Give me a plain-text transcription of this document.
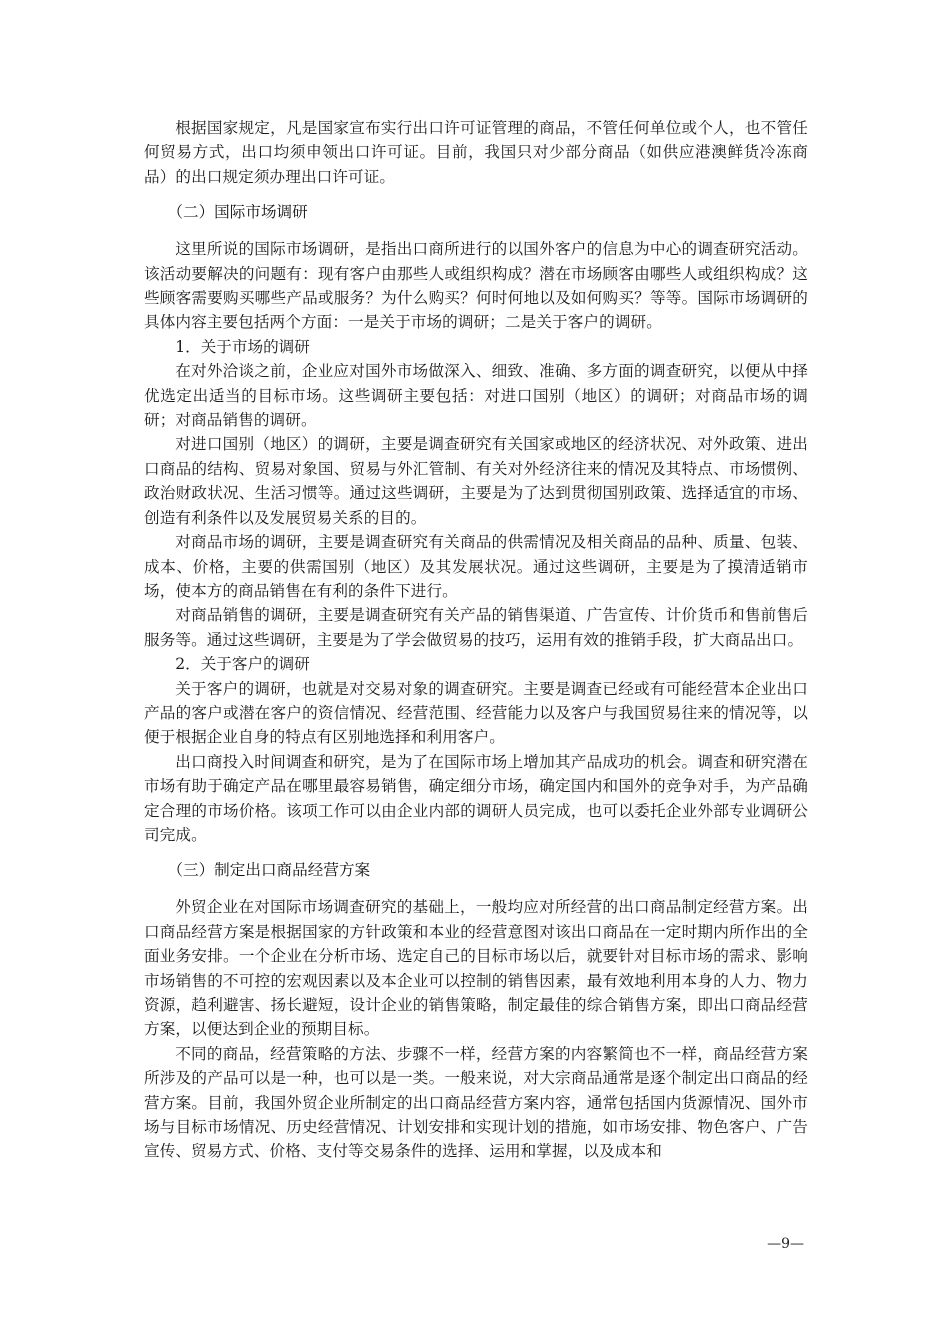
根据国家规定，凡是国家宣布实行出口许可证管理的商品，不管任何单位或个人，也不管任何贸易方式，出口均须申领出口许可证。目前，我国只对少部分商品（如供应港澳鲜货冷冻商品）的出口规定须办理出口许可证。

（二）国际市场调研

这里所说的国际市场调研，是指出口商所进行的以国外客户的信息为中心的调查研究活动。该活动要解决的问题有：现有客户由那些人或组织构成？潜在市场顾客由哪些人或组织构成？这些顾客需要购买哪些产品或服务？为什么购买？何时何地以及如何购买？等等。国际市场调研的具体内容主要包括两个方面：一是关于市场的调研；二是关于客户的调研。

1．关于市场的调研

在对外洽谈之前，企业应对国外市场做深入、细致、准确、多方面的调查研究，以便从中择优选定出适当的目标市场。这些调研主要包括：对进口国别（地区）的调研；对商品市场的调研；对商品销售的调研。

对进口国别（地区）的调研，主要是调查研究有关国家或地区的经济状况、对外政策、进出口商品的结构、贸易对象国、贸易与外汇管制、有关对外经济往来的情况及其特点、市场惯例、政治财政状况、生活习惯等。通过这些调研，主要是为了达到贯彻国别政策、选择适宜的市场、创造有利条件以及发展贸易关系的目的。

对商品市场的调研，主要是调查研究有关商品的供需情况及相关商品的品种、质量、包装、成本、价格，主要的供需国别（地区）及其发展状况。通过这些调研，主要是为了摸清适销市场，使本方的商品销售在有利的条件下进行。

对商品销售的调研，主要是调查研究有关产品的销售渠道、广告宣传、计价货币和售前售后服务等。通过这些调研，主要是为了学会做贸易的技巧，运用有效的推销手段，扩大商品出口。

2．关于客户的调研

关于客户的调研，也就是对交易对象的调查研究。主要是调查已经或有可能经营本企业出口产品的客户或潜在客户的资信情况、经营范围、经营能力以及客户与我国贸易往来的情况等，以便于根据企业自身的特点有区别地选择和利用客户。

出口商投入时间调查和研究，是为了在国际市场上增加其产品成功的机会。调查和研究潜在市场有助于确定产品在哪里最容易销售，确定细分市场，确定国内和国外的竞争对手，为产品确定合理的市场价格。该项工作可以由企业内部的调研人员完成，也可以委托企业外部专业调研公司完成。

（三）制定出口商品经营方案

外贸企业在对国际市场调查研究的基础上，一般均应对所经营的出口商品制定经营方案。出口商品经营方案是根据国家的方针政策和本业的经营意图对该出口商品在一定时期内所作出的全面业务安排。一个企业在分析市场、选定自己的目标市场以后，就要针对目标市场的需求、影响市场销售的不可控的宏观因素以及本企业可以控制的销售因素，最有效地利用本身的人力、物力资源，趋利避害、扬长避短，设计企业的销售策略，制定最佳的综合销售方案，即出口商品经营方案，以便达到企业的预期目标。

不同的商品，经营策略的方法、步骤不一样，经营方案的内容繁简也不一样，商品经营方案所涉及的产品可以是一种，也可以是一类。一般来说，对大宗商品通常是逐个制定出口商品的经营方案。目前，我国外贸企业所制定的出口商品经营方案内容，通常包括国内货源情况、国外市场与目标市场情况、历史经营情况、计划安排和实现计划的措施，如市场安排、物色客户、广告宣传、贸易方式、价格、支付等交易条件的选择、运用和掌握，以及成本和

—9—
